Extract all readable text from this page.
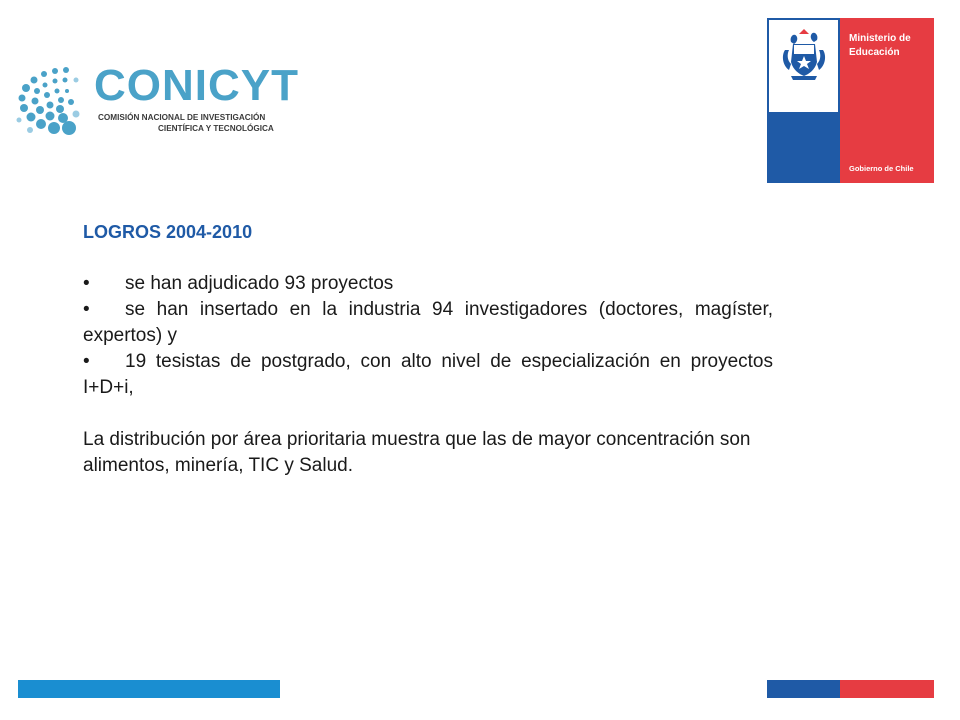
CONICYT
COMISIÓN NACIONAL DE INVESTIGACIÓN
CIENTÍFICA Y TECNOLÓGICA
Ministerio de
Educación
Gobierno de Chile

LOGROS 2004-2010

• se han adjudicado 93 proyectos

• se han insertado en la industria 94 investigadores (doctores, magíster, expertos) y

• 19 tesistas de postgrado, con alto nivel de especialización en proyectos I+D+i,

La distribución por área prioritaria muestra que las de mayor concentración son alimentos, minería, TIC y Salud.
